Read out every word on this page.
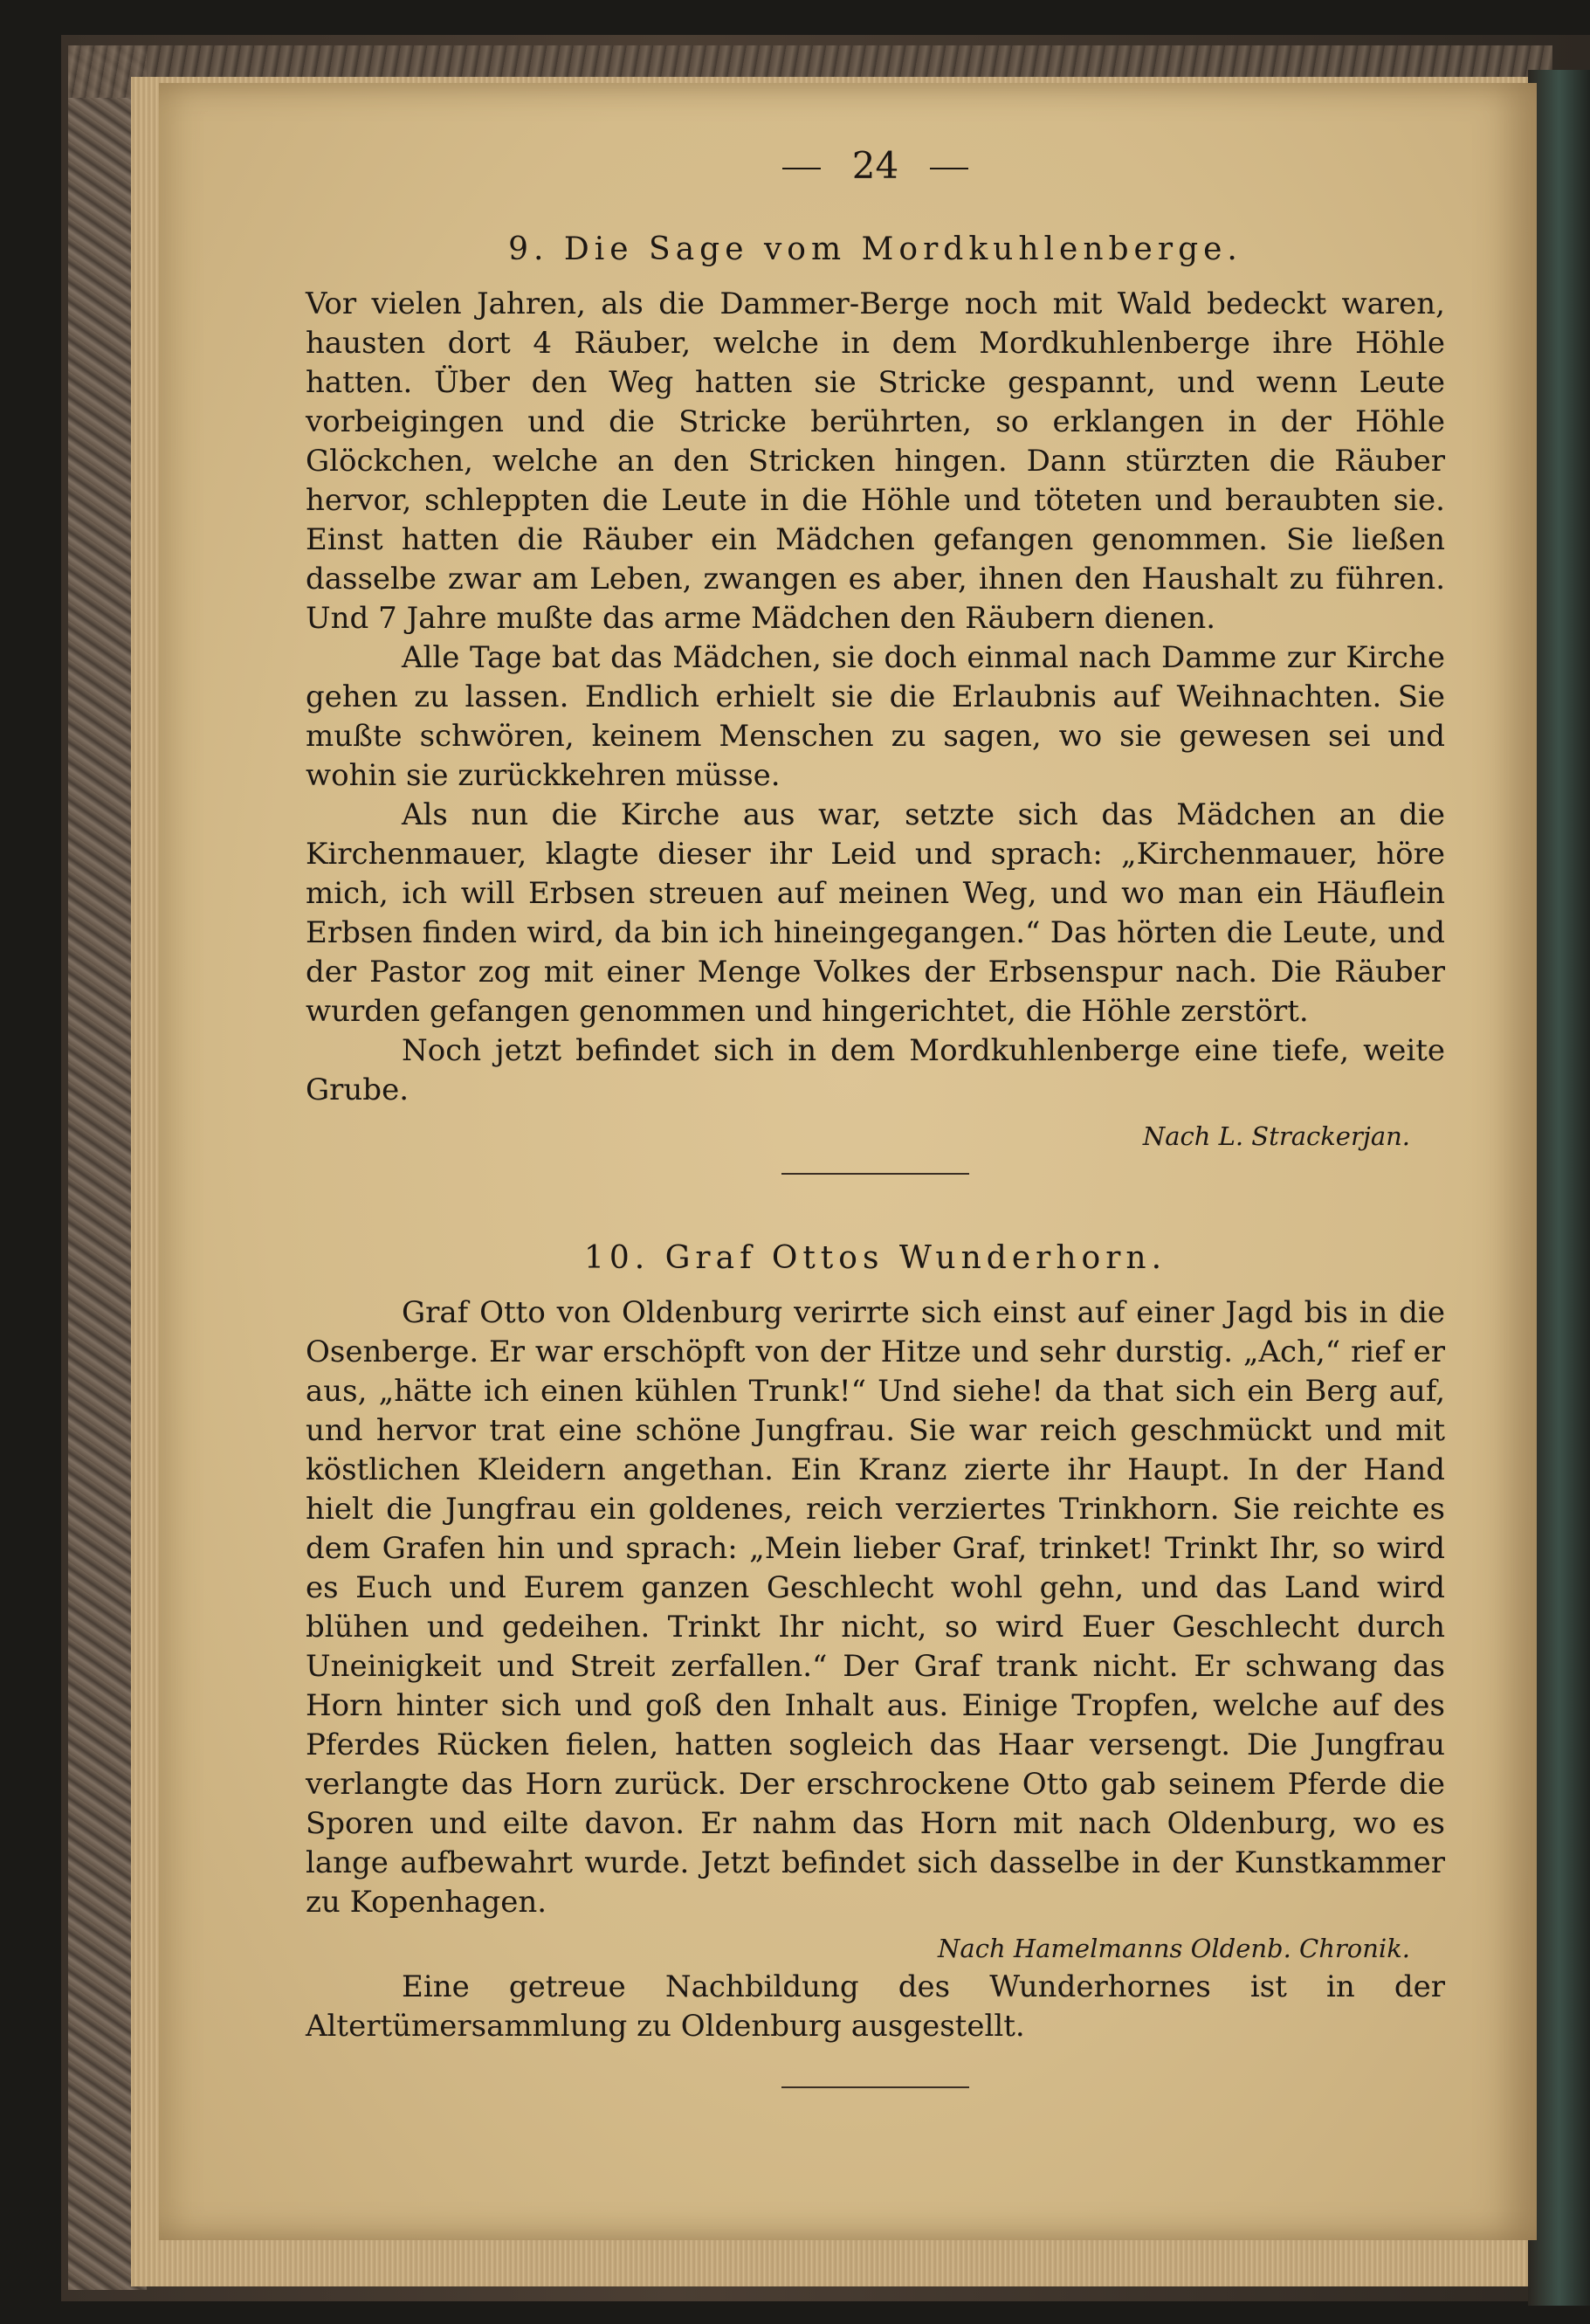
24
9. Die Sage vom Mordkuhlenberge.

Vor vielen Jahren, als die Dammer-Berge noch mit Wald bedeckt waren, hausten dort 4 Räuber, welche in dem Mordkuhlenberge ihre Höhle hatten. Über den Weg hatten sie Stricke gespannt, und wenn Leute vorbeigingen und die Stricke berührten, so erklangen in der Höhle Glöckchen, welche an den Stricken hingen. Dann stürzten die Räuber hervor, schleppten die Leute in die Höhle und töteten und beraubten sie. Einst hatten die Räuber ein Mädchen gefangen genommen. Sie ließen dasselbe zwar am Leben, zwangen es aber, ihnen den Haushalt zu führen. Und 7 Jahre mußte das arme Mädchen den Räubern dienen.

Alle Tage bat das Mädchen, sie doch einmal nach Damme zur Kirche gehen zu lassen. Endlich erhielt sie die Erlaubnis auf Weihnachten. Sie mußte schwören, keinem Menschen zu sagen, wo sie gewesen sei und wohin sie zurückkehren müsse.

Als nun die Kirche aus war, setzte sich das Mädchen an die Kirchenmauer, klagte dieser ihr Leid und sprach: „Kirchenmauer, höre mich, ich will Erbsen streuen auf meinen Weg, und wo man ein Häuflein Erbsen finden wird, da bin ich hineingegangen.“ Das hörten die Leute, und der Pastor zog mit einer Menge Volkes der Erbsenspur nach. Die Räuber wurden gefangen genommen und hingerichtet, die Höhle zerstört.

Noch jetzt befindet sich in dem Mordkuhlenberge eine tiefe, weite Grube.

Nach L. Strackerjan.
10. Graf Ottos Wunderhorn.

Graf Otto von Oldenburg verirrte sich einst auf einer Jagd bis in die Osenberge. Er war erschöpft von der Hitze und sehr durstig. „Ach,“ rief er aus, „hätte ich einen kühlen Trunk!“ Und siehe! da that sich ein Berg auf, und hervor trat eine schöne Jungfrau. Sie war reich geschmückt und mit köstlichen Kleidern angethan. Ein Kranz zierte ihr Haupt. In der Hand hielt die Jungfrau ein goldenes, reich verziertes Trinkhorn. Sie reichte es dem Grafen hin und sprach: „Mein lieber Graf, trinket! Trinkt Ihr, so wird es Euch und Eurem ganzen Geschlecht wohl gehn, und das Land wird blühen und gedeihen. Trinkt Ihr nicht, so wird Euer Geschlecht durch Uneinigkeit und Streit zerfallen.“ Der Graf trank nicht. Er schwang das Horn hinter sich und goß den Inhalt aus. Einige Tropfen, welche auf des Pferdes Rücken fielen, hatten sogleich das Haar versengt. Die Jungfrau verlangte das Horn zurück. Der erschrockene Otto gab seinem Pferde die Sporen und eilte davon. Er nahm das Horn mit nach Oldenburg, wo es lange aufbewahrt wurde. Jetzt befindet sich dasselbe in der Kunstkammer zu Kopenhagen.

Nach Hamelmanns Oldenb. Chronik.

Eine getreue Nachbildung des Wunderhornes ist in der Altertümersammlung zu Oldenburg ausgestellt.
